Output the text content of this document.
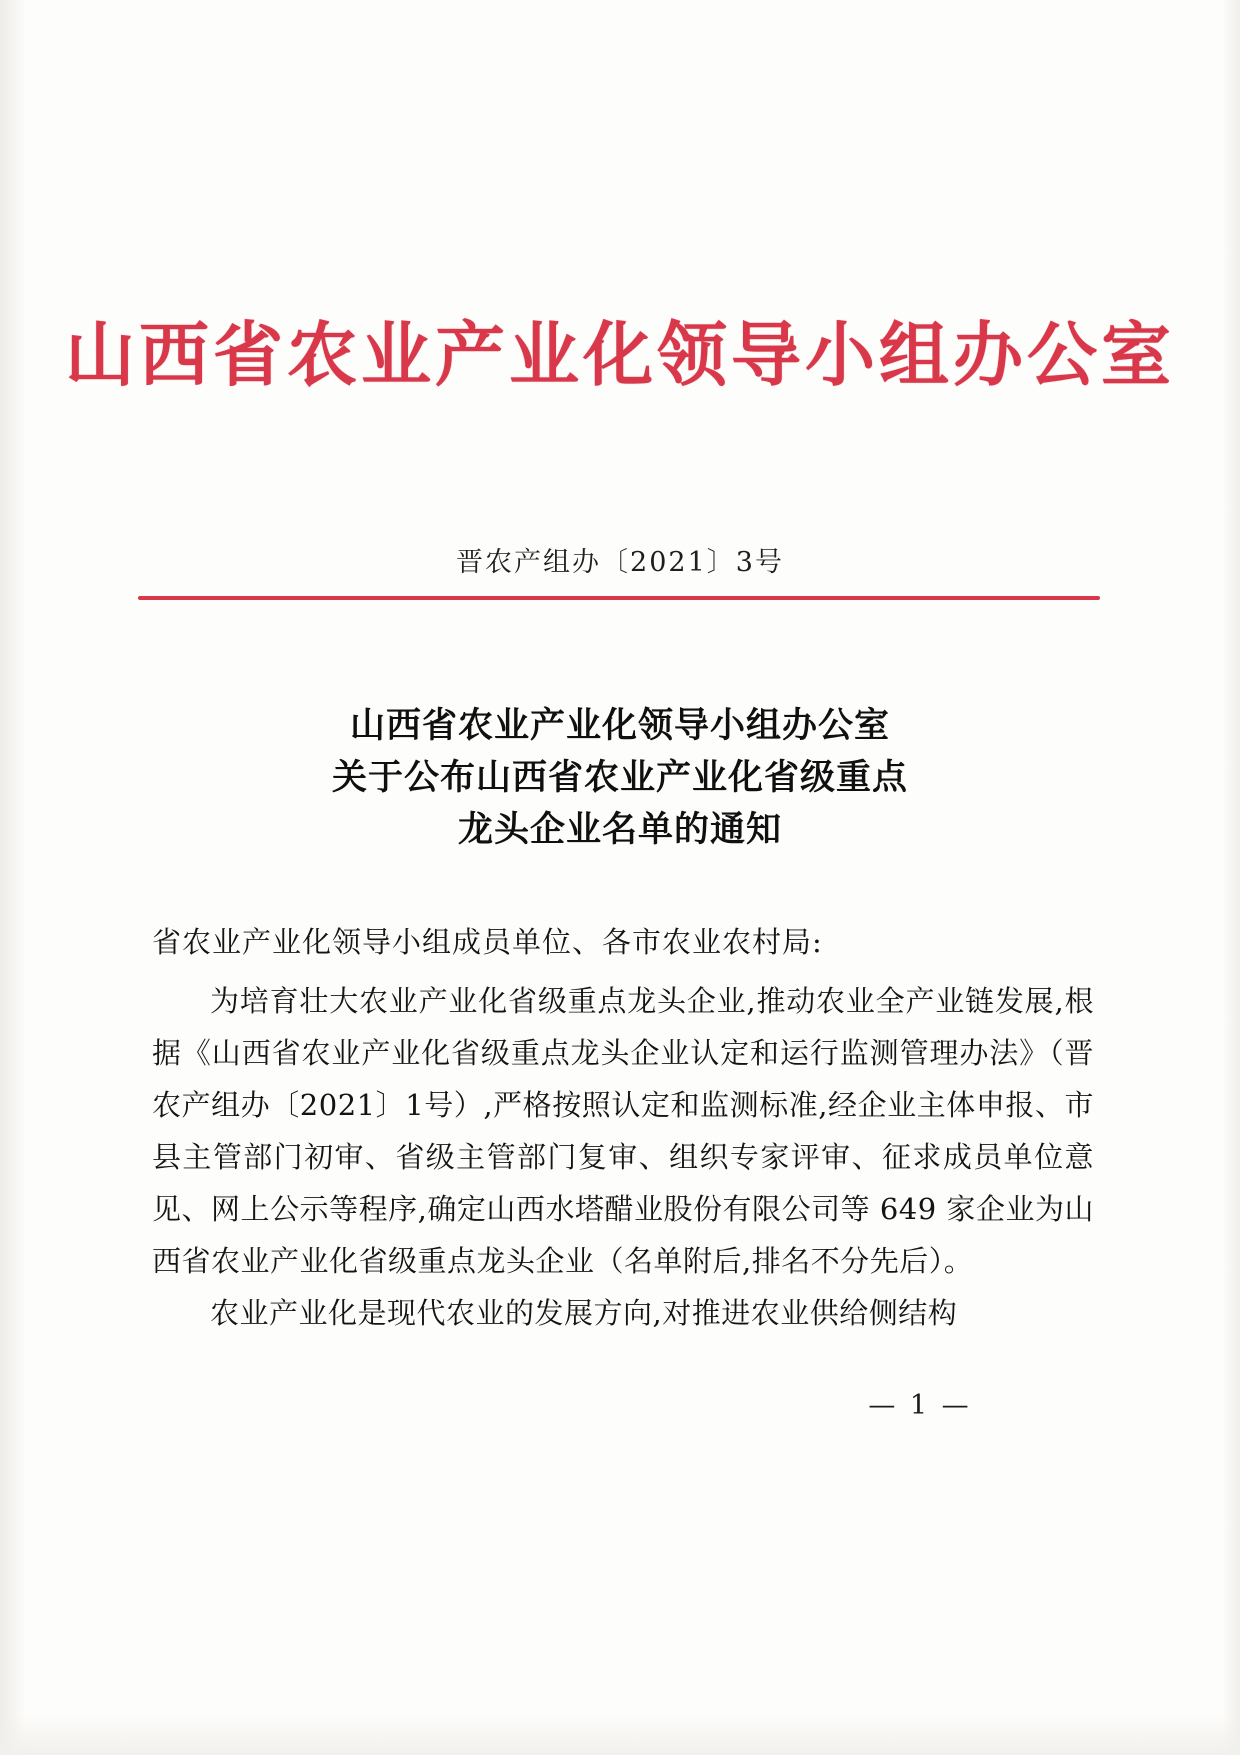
山西省农业产业化领导小组办公室
晋农产组办〔2021〕3号
山西省农业产业化领导小组办公室
关于公布山西省农业产业化省级重点
龙头企业名单的通知
省农业产业化领导小组成员单位、各市农业农村局:

为培育壮大农业产业化省级重点龙头企业,推动农业全产业链发展,根据《山西省农业产业化省级重点龙头企业认定和运行监测管理办法》（晋农产组办〔2021〕1号）,严格按照认定和监测标准,经企业主体申报、市县主管部门初审、省级主管部门复审、组织专家评审、征求成员单位意见、网上公示等程序,确定山西水塔醋业股份有限公司等 649 家企业为山西省农业产业化省级重点龙头企业（名单附后,排名不分先后）。

农业产业化是现代农业的发展方向,对推进农业供给侧结构

— 1 —
